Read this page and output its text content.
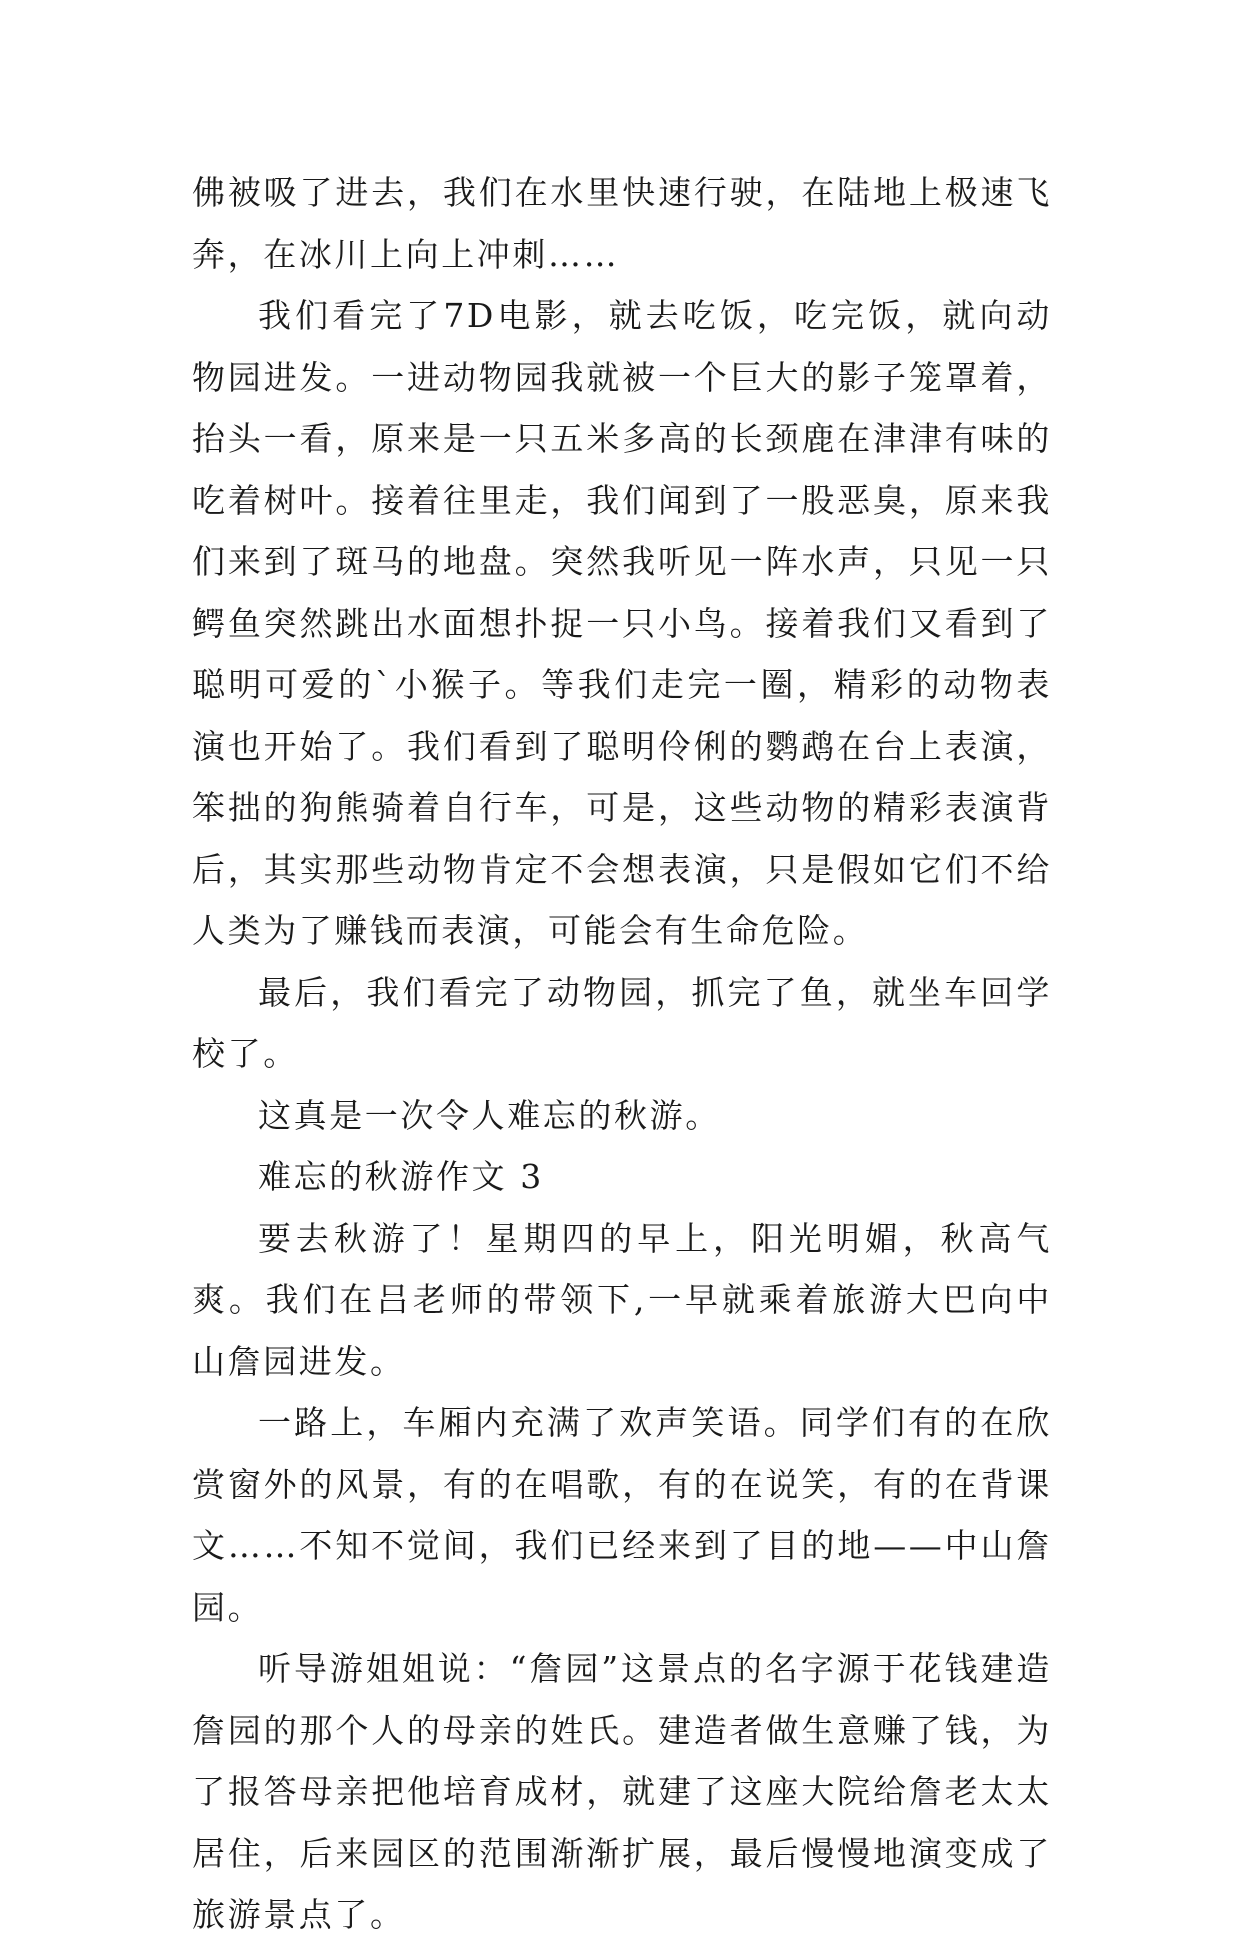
佛被吸了进去，我们在水里快速行驶，在陆地上极速飞奔，在冰川上向上冲刺……

我们看完了7D电影，就去吃饭，吃完饭，就向动物园进发。一进动物园我就被一个巨大的影子笼罩着，抬头一看，原来是一只五米多高的长颈鹿在津津有味的吃着树叶。接着往里走，我们闻到了一股恶臭，原来我们来到了斑马的地盘。突然我听见一阵水声，只见一只鳄鱼突然跳出水面想扑捉一只小鸟。接着我们又看到了聪明可爱的`小猴子。等我们走完一圈，精彩的动物表演也开始了。我们看到了聪明伶俐的鹦鹉在台上表演，笨拙的狗熊骑着自行车，可是，这些动物的精彩表演背后，其实那些动物肯定不会想表演，只是假如它们不给人类为了赚钱而表演，可能会有生命危险。

最后，我们看完了动物园，抓完了鱼，就坐车回学校了。

这真是一次令人难忘的秋游。

难忘的秋游作文 3

要去秋游了！星期四的早上，阳光明媚，秋高气爽。我们在吕老师的带领下,一早就乘着旅游大巴向中山詹园进发。

一路上，车厢内充满了欢声笑语。同学们有的在欣赏窗外的风景，有的在唱歌，有的在说笑，有的在背课文……不知不觉间，我们已经来到了目的地——中山詹园。

听导游姐姐说：“詹园”这景点的名字源于花钱建造詹园的那个人的母亲的姓氏。建造者做生意赚了钱，为了报答母亲把他培育成材，就建了这座大院给詹老太太居住，后来园区的范围渐渐扩展，最后慢慢地演变成了旅游景点了。
